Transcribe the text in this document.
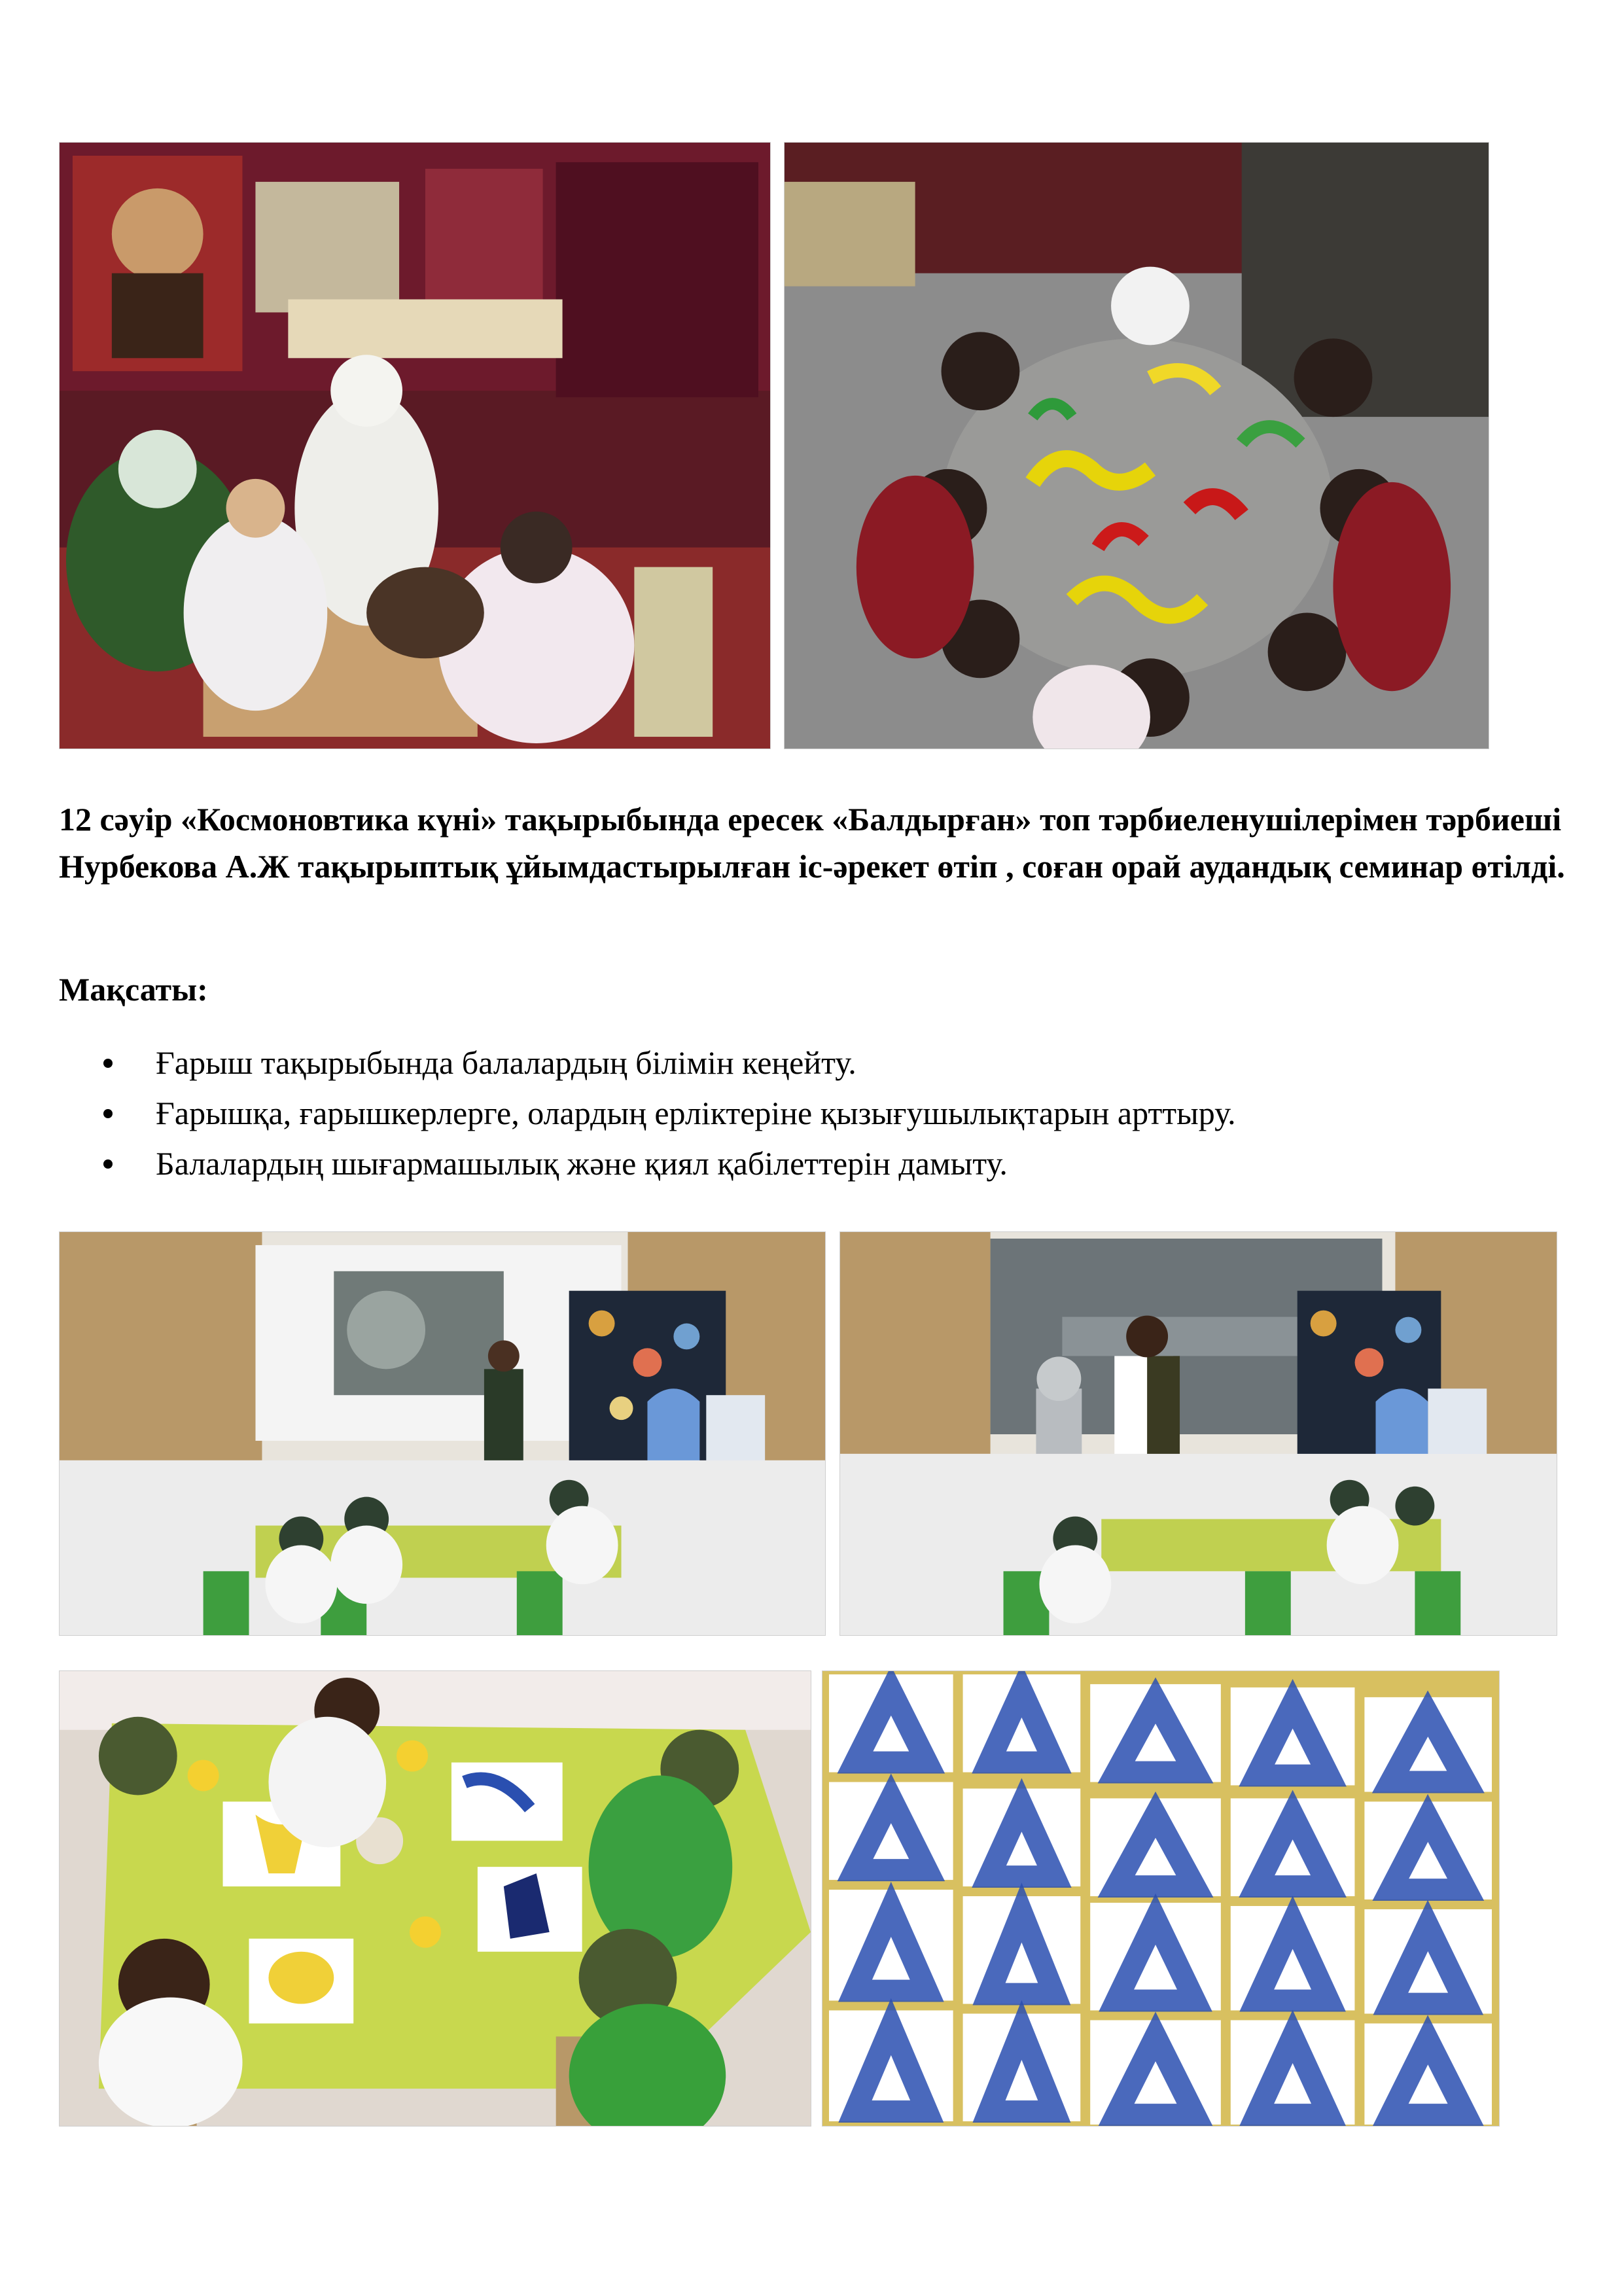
12 сәуір «Космоновтика күні» тақырыбында ересек «Балдырған» топ тәрбиеленушілерімен тәрбиеші Нурбекова А.Ж тақырыптық ұйымдастырылған іс-әрекет өтіп , соған орай аудандық семинар өтілді.

Мақсаты:

Ғарыш тақырыбында балалардың білімін кеңейту.
Ғарышқа, ғарышкерлерге, олардың ерліктеріне қызығушылықтарын арттыру.
Балалардың шығармашылық және қиял қабілеттерін дамыту.
